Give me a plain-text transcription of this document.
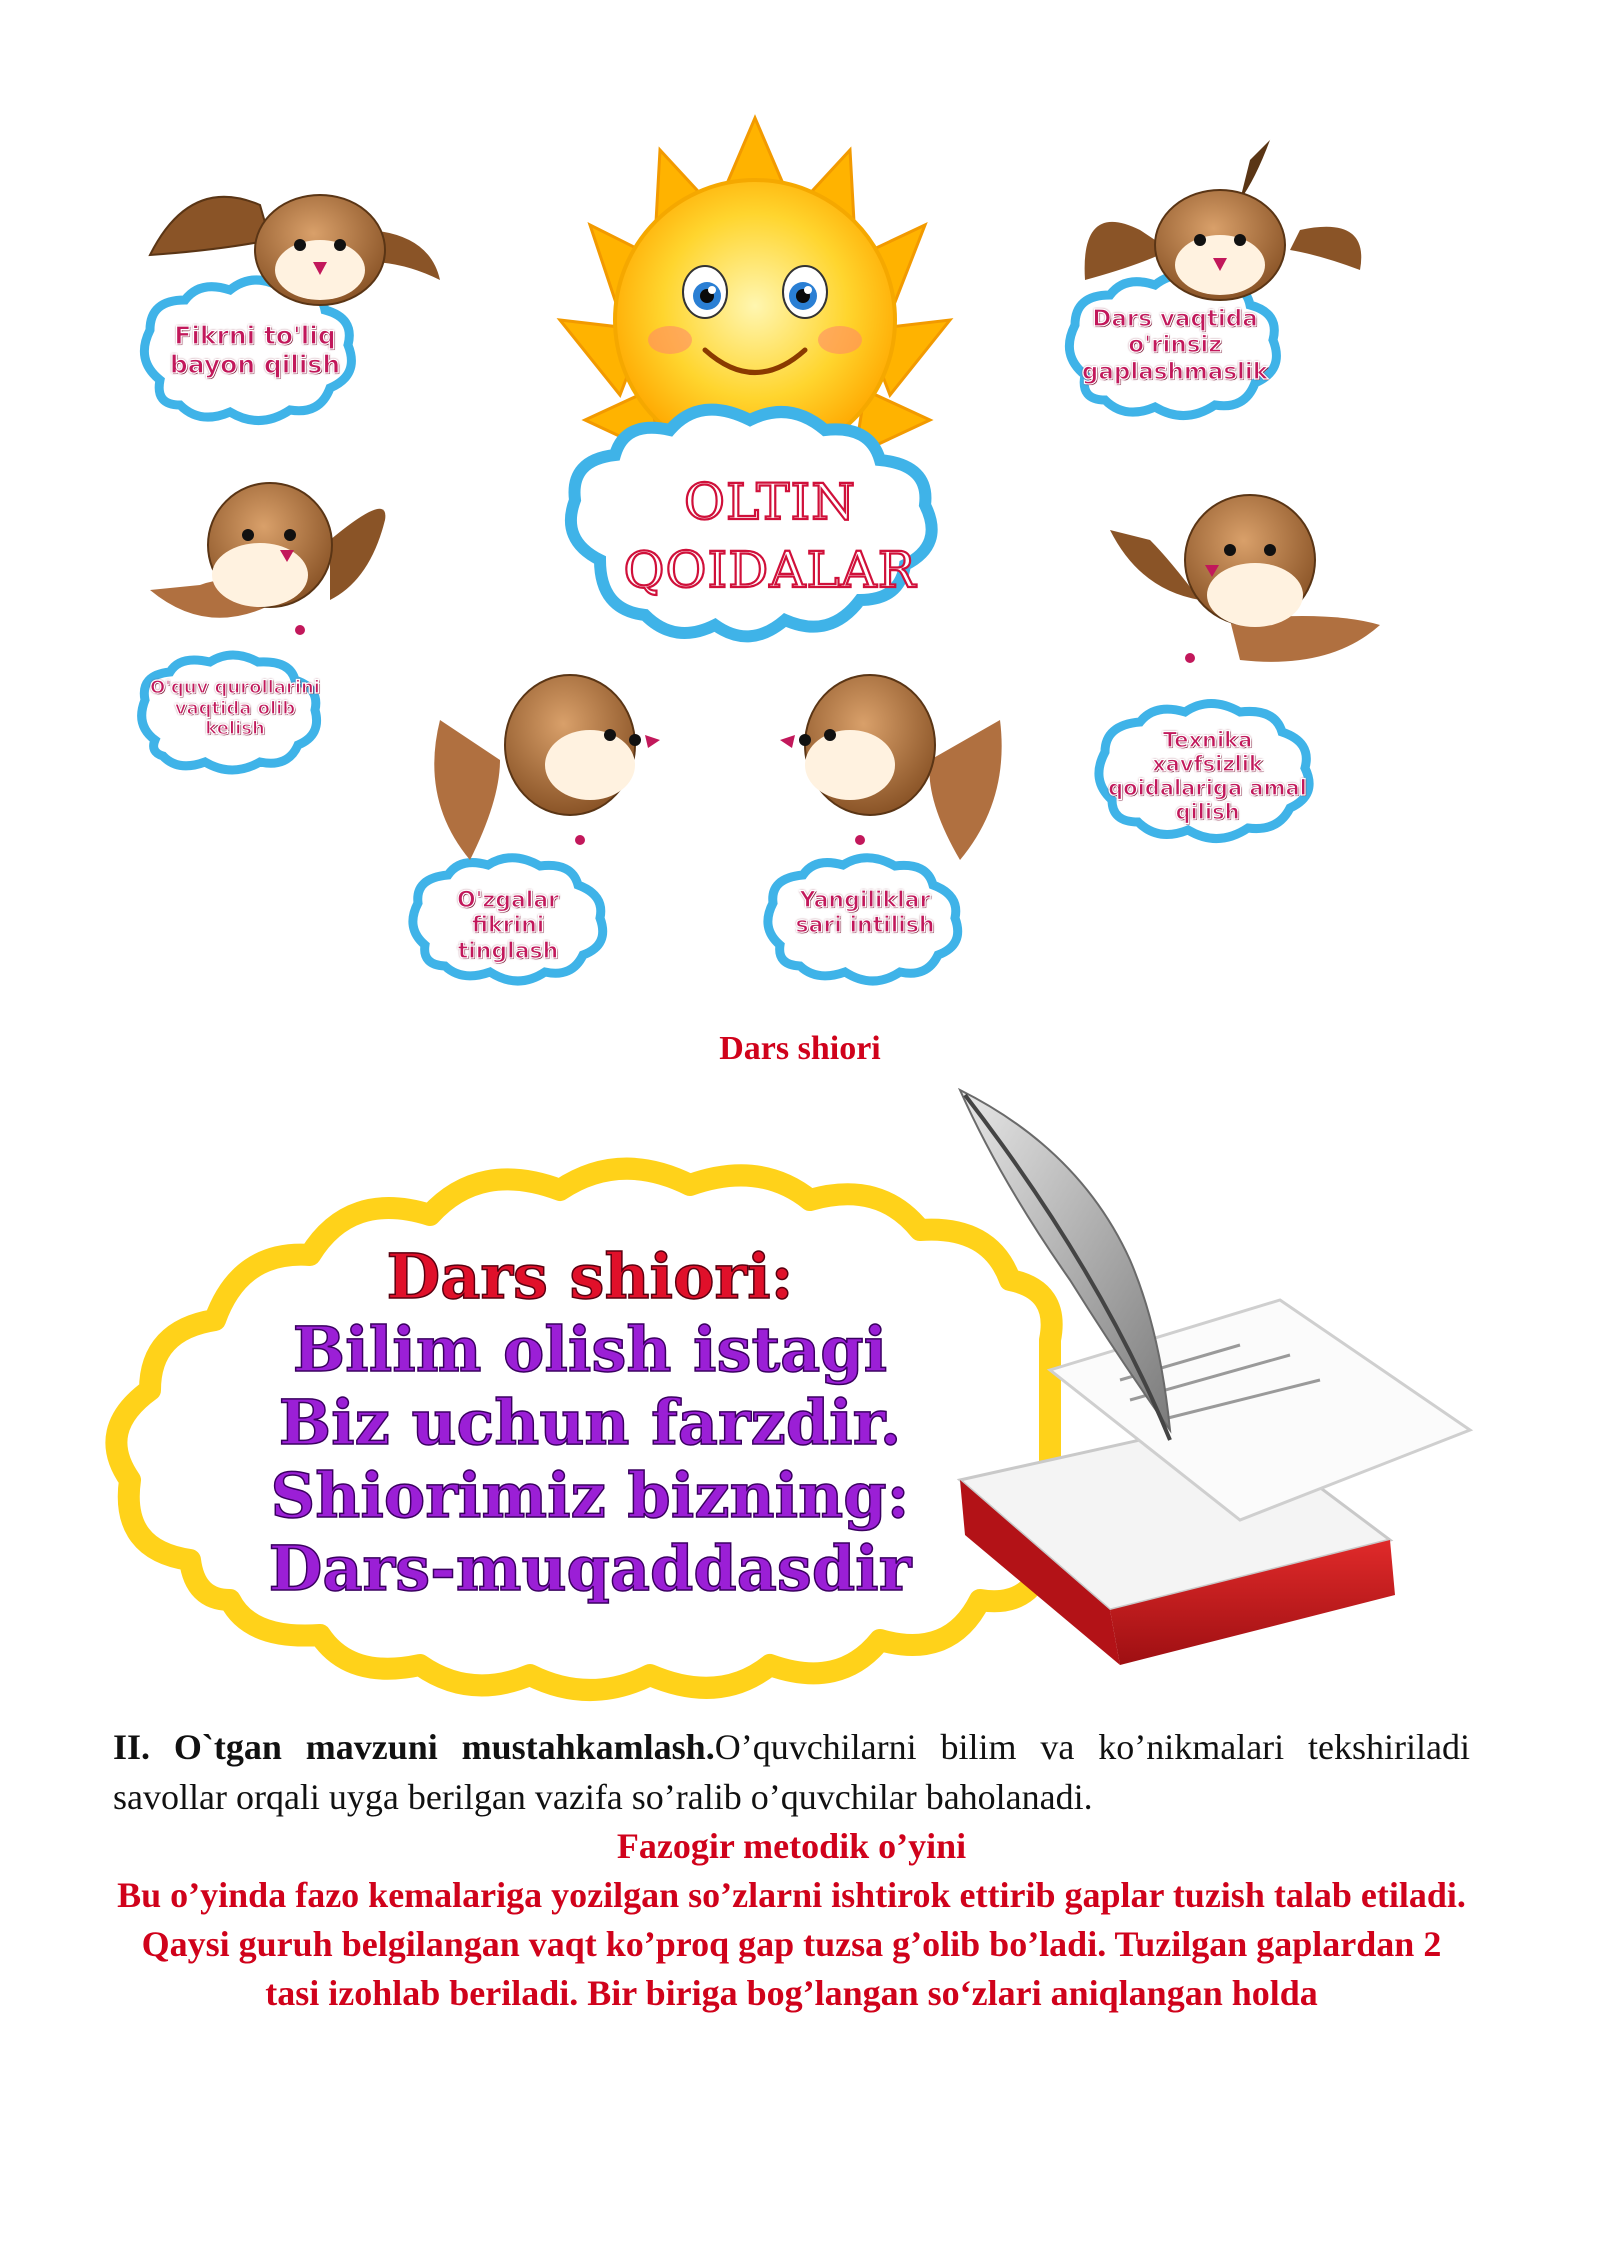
OLTIN
QOIDALAR
Fikrni to'liq
bayon qilish
Dars vaqtida
o'rinsiz
gaplashmaslik
O'quv qurollarini
vaqtida olib
kelish	Texnika xavfsizlik
qoidalariga amal
qilish
O'zgalar
fikrini tinglash
Yangiliklar
sari intilish
Dars shiori
Dars shiori:
Bilim olish istagi
Biz uchun farzdir.
Shiorimiz bizning:
Dars-muqaddasdir
II. O`tgan mavzuni mustahkamlash.O’quvchilarni bilim va ko’nikmalari tekshiriladi savollar orqali uyga berilgan vazifa so’ralib o’quvchilar baholanadi.
Fazogir metodik o’yini
Bu o’yinda fazo kemalariga yozilgan so’zlarni ishtirok ettirib gaplar tuzish talab etiladi. Qaysi guruh belgilangan vaqt ko’proq gap tuzsa g’olib bo’ladi. Tuzilgan gaplardan 2 tasi izohlab beriladi. Bir biriga bog’langan so‘zlari aniqlangan holda
